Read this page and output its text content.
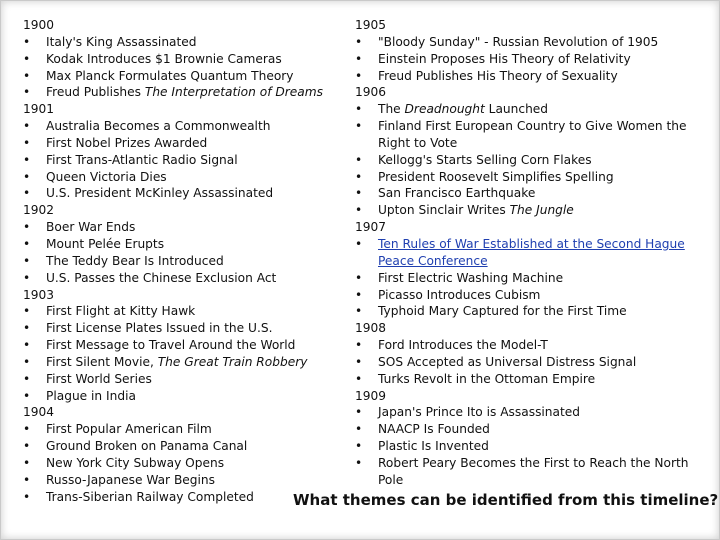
1900
• Italy's King Assassinated
• Kodak Introduces $1 Brownie Cameras
• Max Planck Formulates Quantum Theory
• Freud Publishes The Interpretation of Dreams
1901
• Australia Becomes a Commonwealth
• First Nobel Prizes Awarded
• First Trans-Atlantic Radio Signal
• Queen Victoria Dies
• U.S. President McKinley Assassinated
1902
• Boer War Ends
• Mount Pelée Erupts
• The Teddy Bear Is Introduced
• U.S. Passes the Chinese Exclusion Act
1903
• First Flight at Kitty Hawk
• First License Plates Issued in the U.S.
• First Message to Travel Around the World
• First Silent Movie, The Great Train Robbery
• First World Series
• Plague in India
1904
• First Popular American Film
• Ground Broken on Panama Canal
• New York City Subway Opens
• Russo-Japanese War Begins
• Trans-Siberian Railway Completed
1905
• "Bloody Sunday" - Russian Revolution of 1905
• Einstein Proposes His Theory of Relativity
• Freud Publishes His Theory of Sexuality
1906
• The Dreadnought Launched
• Finland First European Country to Give Women the Right to Vote
• Kellogg's Starts Selling Corn Flakes
• President Roosevelt Simplifies Spelling
• San Francisco Earthquake
• Upton Sinclair Writes The Jungle
1907
• Ten Rules of War Established at the Second Hague Peace Conference
• First Electric Washing Machine
• Picasso Introduces Cubism
• Typhoid Mary Captured for the First Time
1908
• Ford Introduces the Model-T
• SOS Accepted as Universal Distress Signal
• Turks Revolt in the Ottoman Empire
1909
• Japan's Prince Ito is Assassinated
• NAACP Is Founded
• Plastic Is Invented
• Robert Peary Becomes the First to Reach the North Pole
What themes can be identified from this timeline?
